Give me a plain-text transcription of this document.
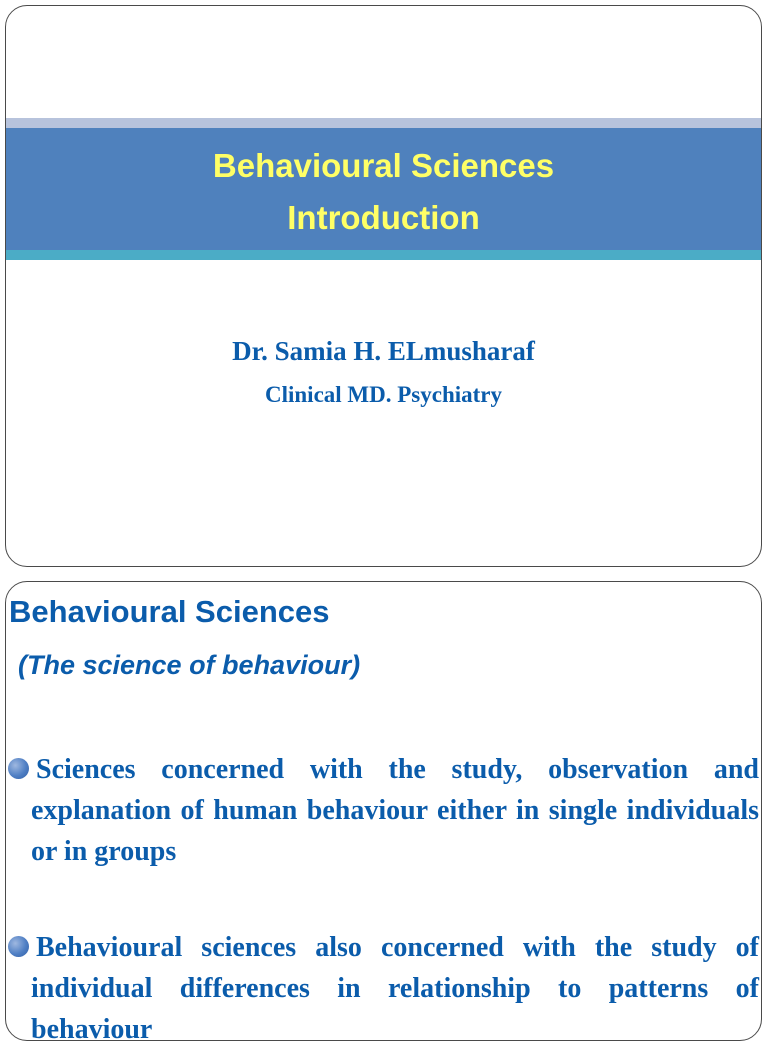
Behavioural Sciences
Introduction

Dr. Samia H. ELmusharaf

Clinical MD. Psychiatry

Behavioural Sciences

(The science of behaviour)

Sciences concerned with the study, observation and explanation of human behaviour either in single individuals or in groups

Behavioural sciences also concerned with the study of individual differences in relationship to patterns of behaviour
